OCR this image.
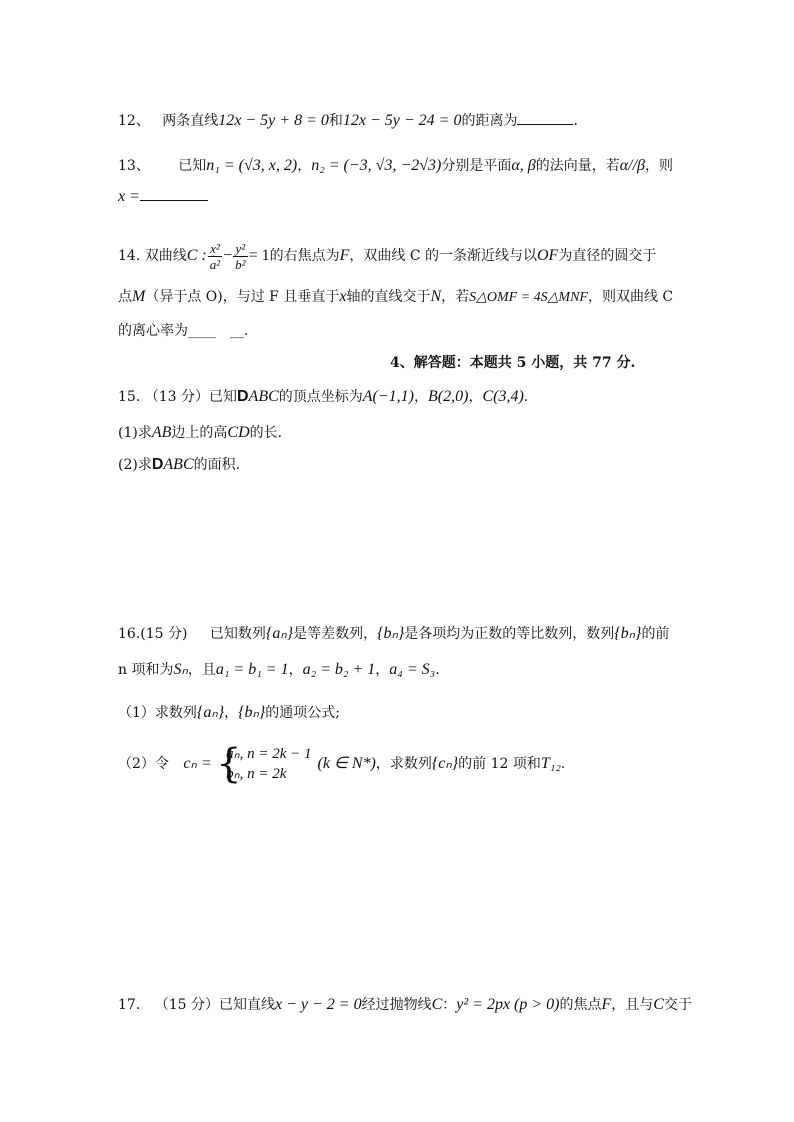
12、 两条直线12x − 5y + 8 = 0和12x − 5y − 24 = 0的距离为	.
13、 已知n₁ = (√3, x, 2)，n₂ = (−3, √3, −2√3)分别是平面α, β的法向量，若α//β，则
x =
14. 双曲线C : $\frac{\text{x²}}{\text{a²}} - \frac{\text{y²}}{\text{b²}} = 1$的右焦点为F，双曲线 C 的一条渐近线与以OF为直径的圆交于
点M（异于点 O)，与过 F 且垂直于x轴的直线交于N，若S△OMF = 4S△MNF，则双曲线 C
的离心率为____　__.
4、解答题：本题共 5 小题，共 77 分.
15. （13 分）已知DABC的顶点坐标为A(−1,1)，B(2,0)，C(3,4).
(1)求AB边上的高CD的长.
(2)求DABC的面积.
16.(15 分) 已知数列{aₙ}是等差数列，{bₙ}是各项均为正数的等比数列，数列{bₙ}的前
n 项和为Sₙ，且a₁ = b₁ = 1，a₂ = b₂ + 1，a₄ = S₃.
（1）求数列{aₙ}，{bₙ}的通项公式;
（2）令 cₙ = {
aₙ, n = 2k − 1
bₙ, n = 2k
(k ∈ N*)，求数列{cₙ}的前 12 项和T₁₂.
17. （15 分）已知直线x − y − 2 = 0经过抛物线C：y² = 2px (p > 0)的焦点F，且与C交于
